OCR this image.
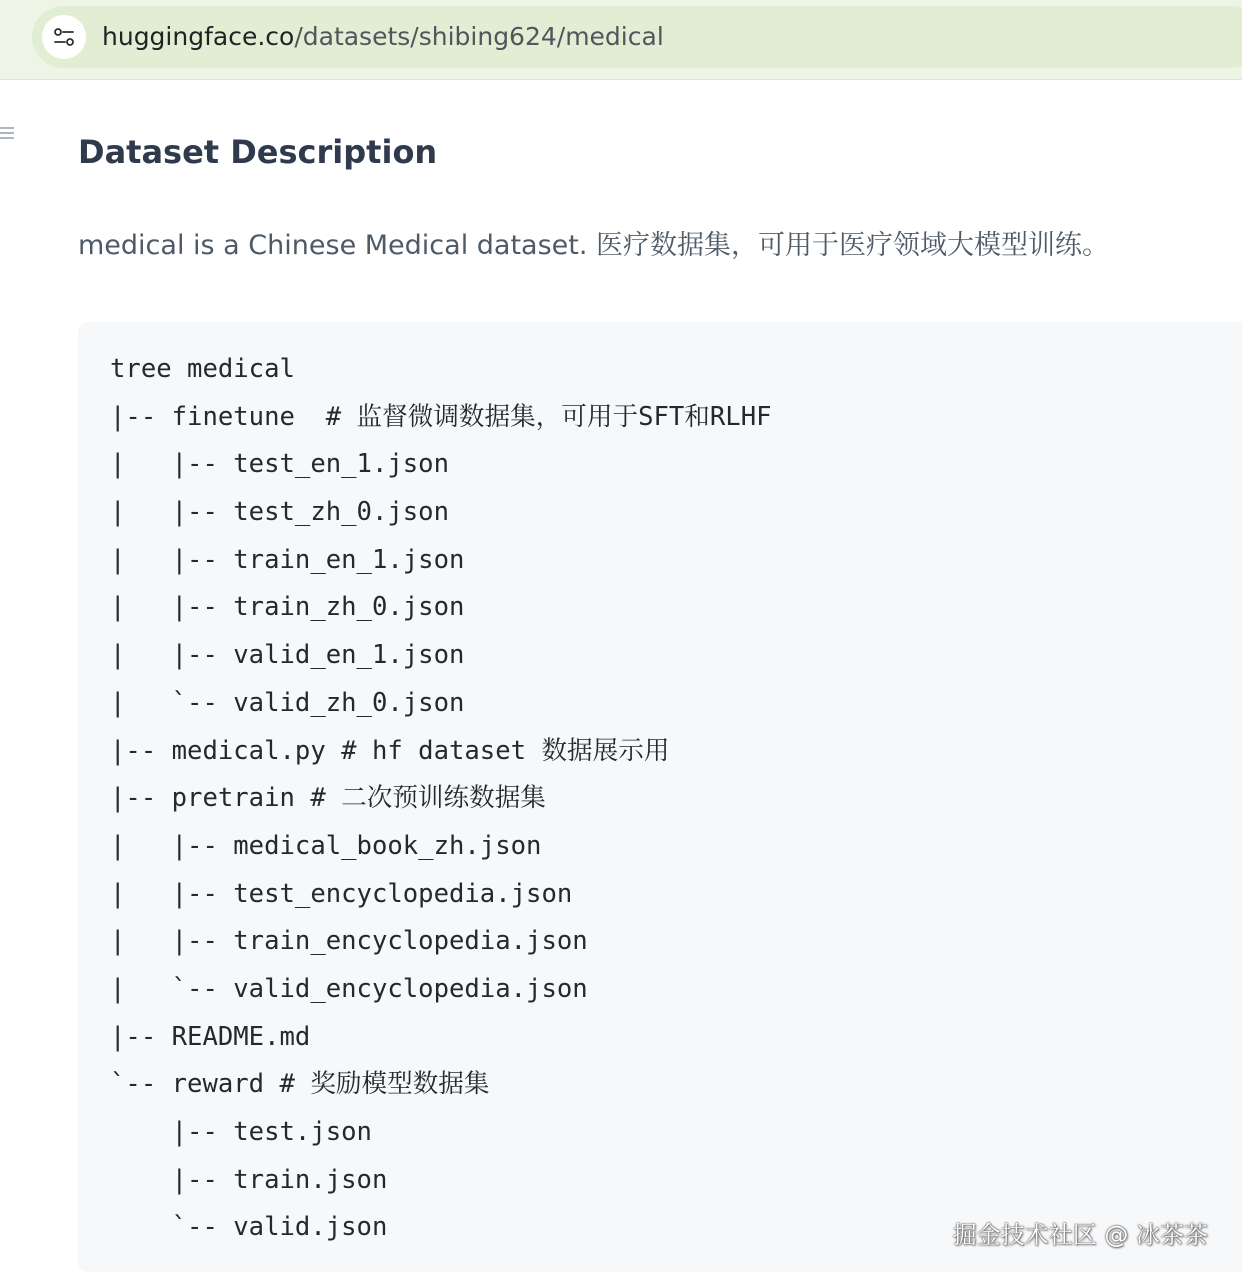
huggingface.co/datasets/shibing624/medical
Dataset Description
medical is a Chinese Medical dataset. 医疗数据集，可用于医疗领域大模型训练。
tree medical
|-- finetune  # 监督微调数据集，可用于SFT和RLHF
|   |-- test_en_1.json
|   |-- test_zh_0.json
|   |-- train_en_1.json
|   |-- train_zh_0.json
|   |-- valid_en_1.json
|   `-- valid_zh_0.json
|-- medical.py # hf dataset 数据展示用
|-- pretrain # 二次预训练数据集
|   |-- medical_book_zh.json
|   |-- test_encyclopedia.json
|   |-- train_encyclopedia.json
|   `-- valid_encyclopedia.json
|-- README.md
`-- reward # 奖励模型数据集
|-- test.json
|-- train.json
`-- valid.json	掘金技术社区 @ 冰茶茶
